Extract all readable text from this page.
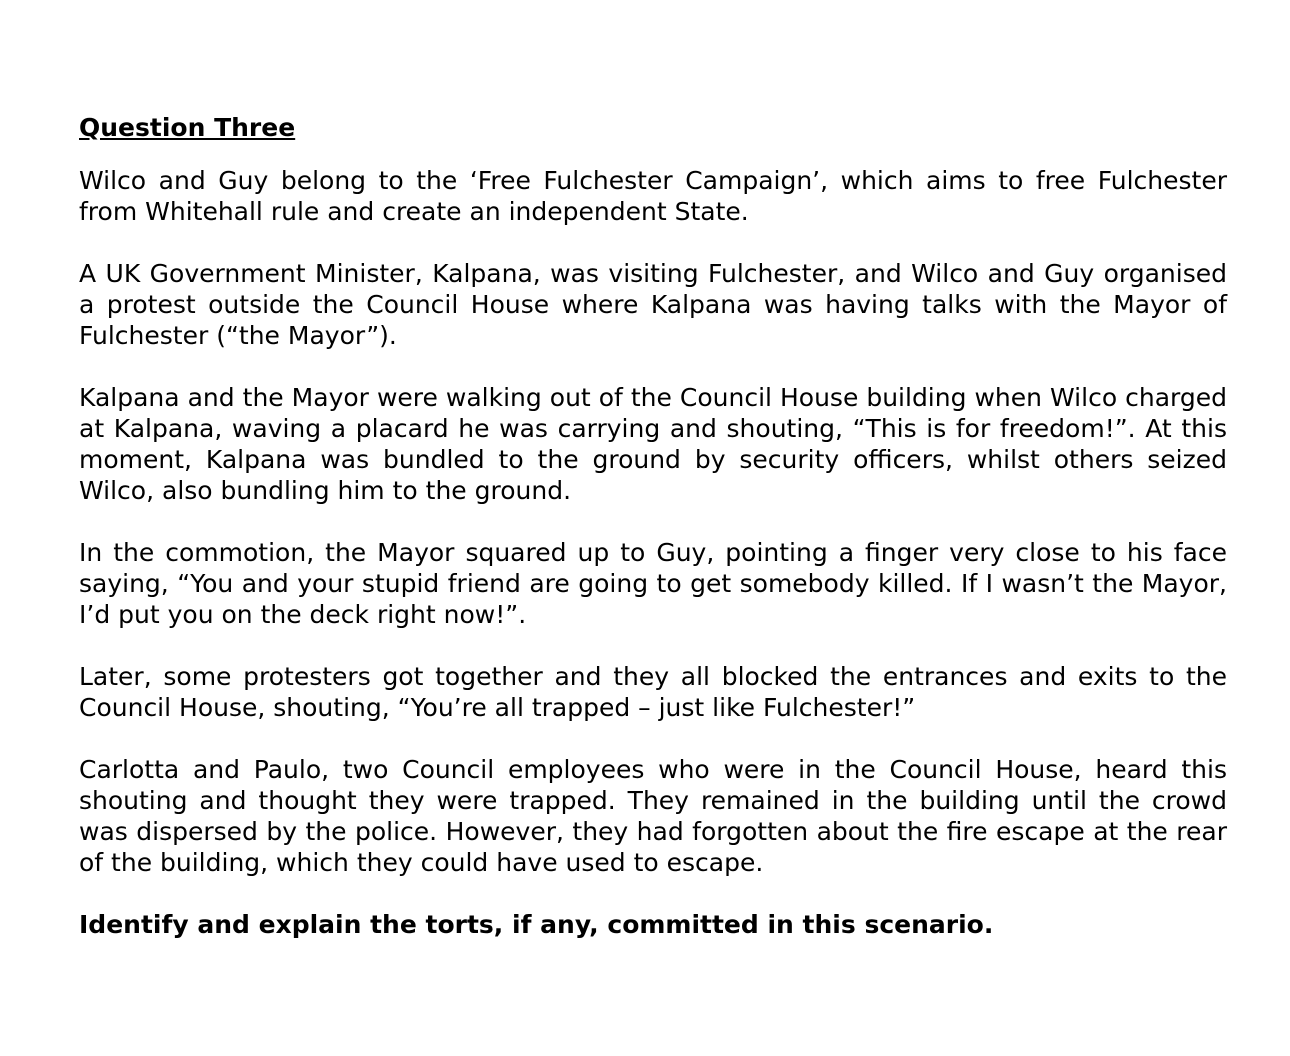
Question Three

Wilco and Guy belong to the ‘Free Fulchester Campaign’, which aims to free Fulchester from Whitehall rule and create an independent State.

A UK Government Minister, Kalpana, was visiting Fulchester, and Wilco and Guy organised a protest outside the Council House where Kalpana was having talks with the Mayor of Fulchester (“the Mayor”).

Kalpana and the Mayor were walking out of the Council House building when Wilco charged at Kalpana, waving a placard he was carrying and shouting, “This is for freedom!”. At this moment, Kalpana was bundled to the ground by security officers, whilst others seized Wilco, also bundling him to the ground.

In the commotion, the Mayor squared up to Guy, pointing a finger very close to his face saying, “You and your stupid friend are going to get somebody killed. If I wasn’t the Mayor, I’d put you on the deck right now!”.

Later, some protesters got together and they all blocked the entrances and exits to the Council House, shouting, “You’re all trapped – just like Fulchester!”

Carlotta and Paulo, two Council employees who were in the Council House, heard this shouting and thought they were trapped. They remained in the building until the crowd was dispersed by the police. However, they had forgotten about the fire escape at the rear of the building, which they could have used to escape.

Identify and explain the torts, if any, committed in this scenario.
